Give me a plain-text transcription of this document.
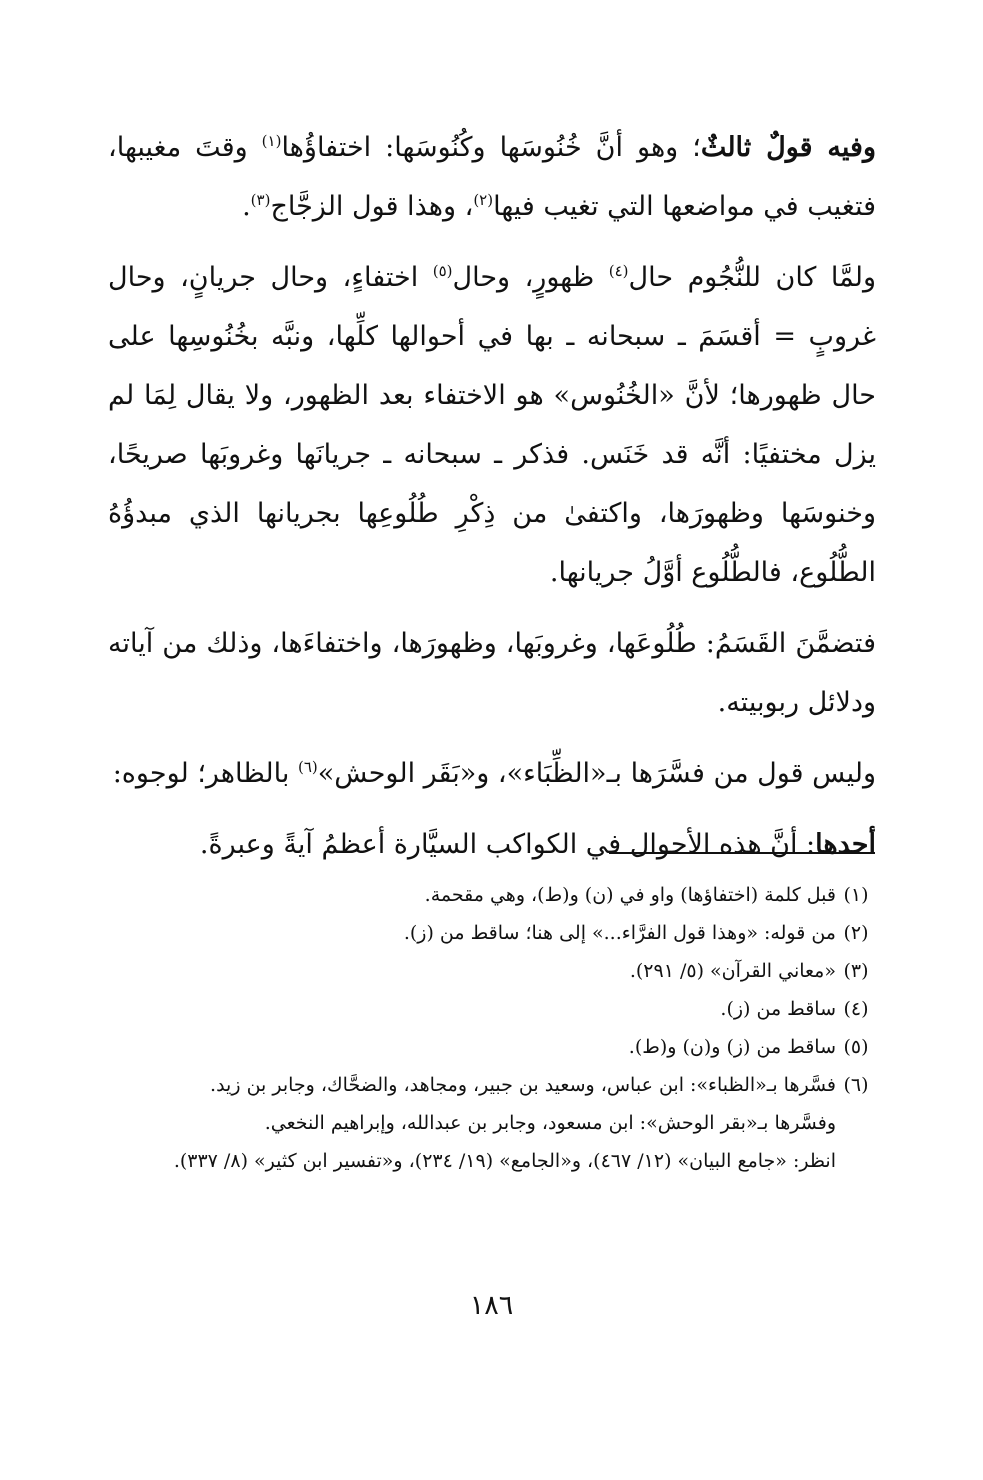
وفيه قولٌ ثالثٌ؛ وهو أنَّ خُنُوسَها وكُنُوسَها: اختفاؤُها$^{(١)}$ وقتَ مغيبها، فتغيب في مواضعها التي تغيب فيها$^{(٢)}$، وهذا قول الزجَّاج$^{(٣)}$.

ولمَّا كان للنُّجُوم حال$^{(٤)}$ ظهورٍ، وحال$^{(٥)}$ اختفاءٍ، وحال جريانٍ، وحال غروبٍ = أقسَمَ ـ سبحانه ـ بها في أحوالها كلِّها، ونبَّه بخُنُوسِها على حال ظهورها؛ لأنَّ «الخُنُوس» هو الاختفاء بعد الظهور، ولا يقال لِمَا لم يزل مختفيًا: أنَّه قد خَنَس. فذكر ـ سبحانه ـ جريانَها وغروبَها صريحًا، وخنوسَها وظهورَها، واكتفىٰ من ذِكْرِ طُلُوعِها بجريانها الذي مبدؤُهُ الطُّلُوع، فالطُّلُوع أوَّلُ جريانها.

فتضمَّنَ القَسَمُ: طُلُوعَها، وغروبَها، وظهورَها، واختفاءَها، وذلك من آياته ودلائل ربوبيته.

وليس قول من فسَّرَها بـ«الظِّبَاء»، و«بَقَر الوحش»$^{(٦)}$ بالظاهر؛ لوجوه:

أحدها: أنَّ هذه الأحوال في الكواكب السيَّارة أعظمُ آيةً وعبرةً.

(١)
قبل كلمة (اختفاؤها) واو في (ن) و(ط)، وهي مقحمة.
(٢)
من قوله: «وهذا قول الفرَّاء...» إلى هنا؛ ساقط من (ز).
(٣)
«معاني القرآن» (٥/ ٢٩١).
(٤)
ساقط من (ز).
(٥)
ساقط من (ز) و(ن) و(ط).
(٦)
فسَّرها بـ«الظباء»: ابن عباس، وسعيد بن جبير، ومجاهد، والضحَّاك، وجابر بن زيد.
وفسَّرها بـ«بقر الوحش»: ابن مسعود، وجابر بن عبدالله، وإبراهيم النخعي.
انظر: «جامع البيان» (١٢/ ٤٦٧)، و«الجامع» (١٩/ ٢٣٤)، و«تفسير ابن كثير» (٨/ ٣٣٧).
١٨٦
